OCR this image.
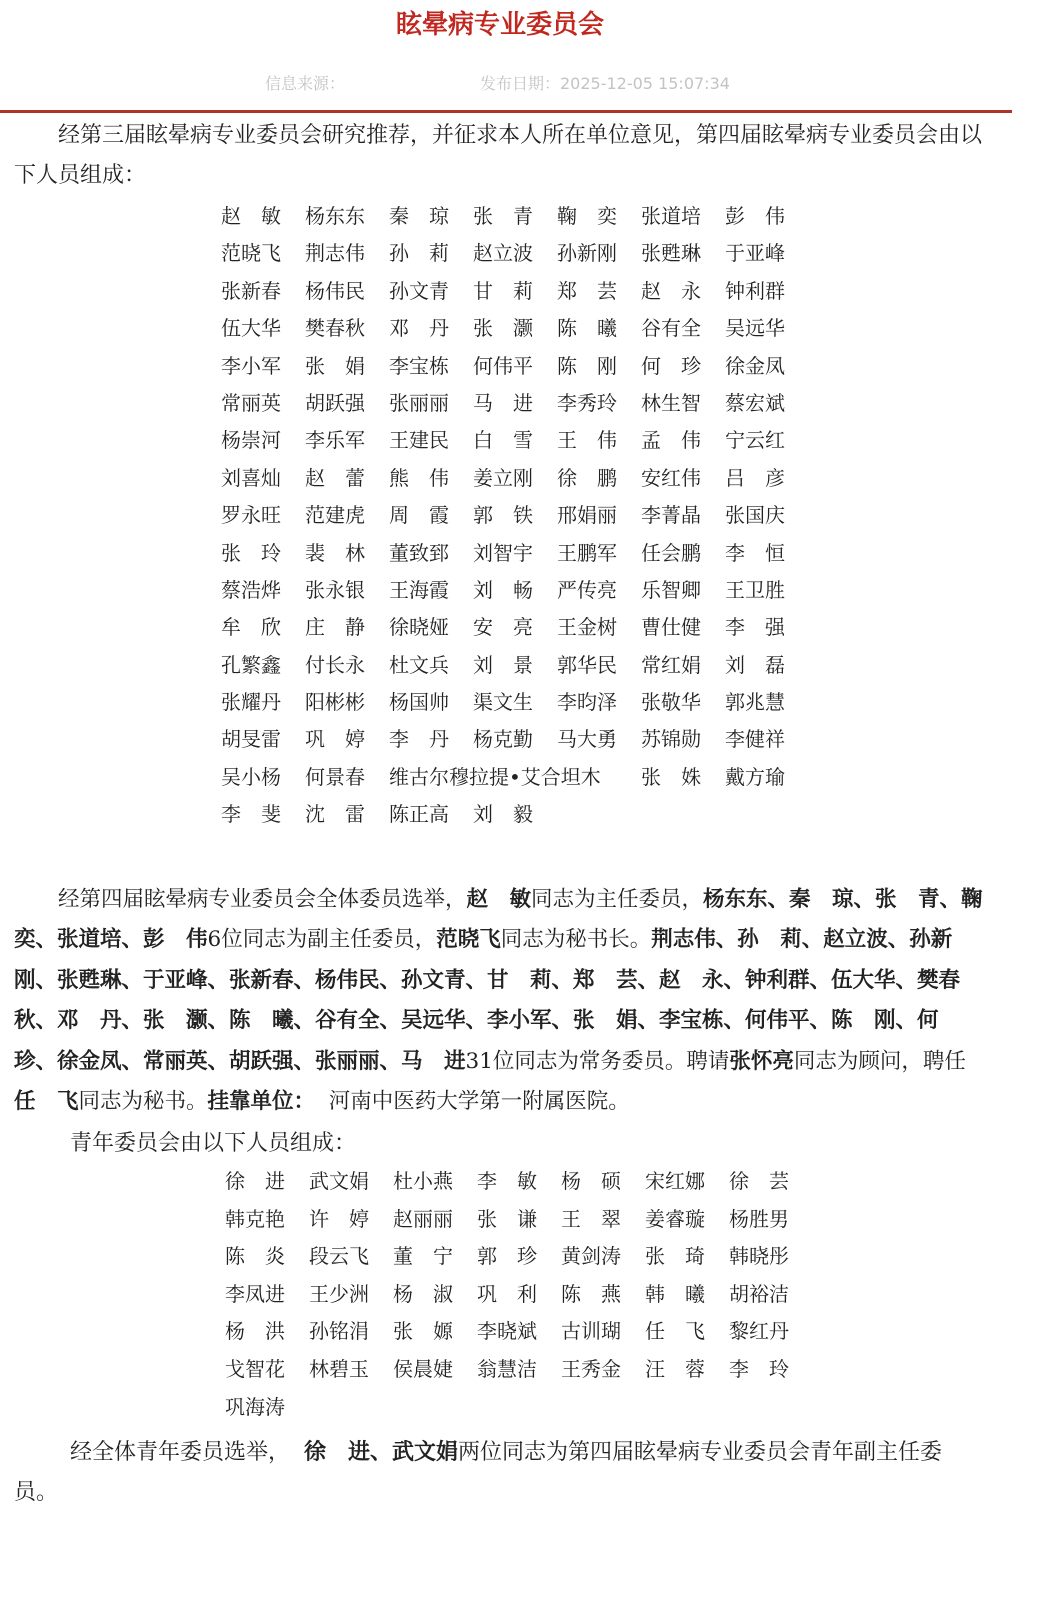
眩晕病专业委员会
信息来源：	发布日期：2025-12-05 15:07:34

经第三届眩晕病专业委员会研究推荐，并征求本人所在单位意见，第四届眩晕病专业委员会由以下人员组成：

赵　敏 杨东东 秦　琼 张　青 鞠　奕 张道培 彭　伟
范晓飞 荆志伟 孙　莉 赵立波 孙新刚 张甦琳 于亚峰
张新春 杨伟民 孙文青 甘　莉 郑　芸 赵　永 钟利群
伍大华 樊春秋 邓　丹 张　灏 陈　曦 谷有全 吴远华
李小军 张　娟 李宝栋 何伟平 陈　刚 何　珍 徐金凤
常丽英 胡跃强 张丽丽 马　进 李秀玲 林生智 蔡宏斌
杨崇河 李乐军 王建民 白　雪 王　伟 孟　伟 宁云红
刘喜灿 赵　蕾 熊　伟 姜立刚 徐　鹏 安红伟 吕　彦
罗永旺 范建虎 周　霞 郭　铁 邢娟丽 李菁晶 张国庆
张　玲 裴　林 董致郅 刘智宇 王鹏军 任会鹏 李　恒
蔡浩烨 张永银 王海霞 刘　畅 严传亮 乐智卿 王卫胜
牟　欣 庄　静 徐晓娅 安　亮 王金树 曹仕健 李　强
孔繁鑫 付长永 杜文兵 刘　景 郭华民 常红娟 刘　磊
张耀丹 阳彬彬 杨国帅 渠文生 李昀泽 张敬华 郭兆慧
胡旻雷 巩　婷 李　丹 杨克勤 马大勇 苏锦勋 李健祥
吴小杨 何景春 维古尔穆拉提•艾合坦木 张　姝 戴方瑜
李　斐 沈　雷 陈正高 刘　毅

经第四届眩晕病专业委员会全体委员选举，赵　敏同志为主任委员，杨东东、秦　琼、张　青、鞠　奕、张道培、彭　伟6位同志为副主任委员，范晓飞同志为秘书长。荆志伟、孙　莉、赵立波、孙新刚、张甦琳、于亚峰、张新春、杨伟民、孙文青、甘　莉、郑　芸、赵　永、钟利群、伍大华、樊春秋、邓　丹、张　灏、陈　曦、谷有全、吴远华、李小军、张　娟、李宝栋、何伟平、陈　刚、何　珍、徐金凤、常丽英、胡跃强、张丽丽、马　进31位同志为常务委员。聘请张怀亮同志为顾问，聘任任　飞同志为秘书。挂靠单位： 河南中医药大学第一附属医院。

青年委员会由以下人员组成：

徐　进 武文娟 杜小燕 李　敏 杨　硕 宋红娜 徐　芸
韩克艳 许　婷 赵丽丽 张　谦 王　翠 姜睿璇 杨胜男
陈　炎 段云飞 董　宁 郭　珍 黄剑涛 张　琦 韩晓彤
李凤进 王少洲 杨　淑 巩　利 陈　燕 韩　曦 胡裕洁
杨　洪 孙铭涓 张　嫄 李晓斌 古训瑚 任　飞 黎红丹
戈智花 林碧玉 侯晨婕 翁慧洁 王秀金 汪　蓉 李　玲
巩海涛

经全体青年委员选举， 徐　进、武文娟两位同志为第四届眩晕病专业委员会青年副主任委员。
